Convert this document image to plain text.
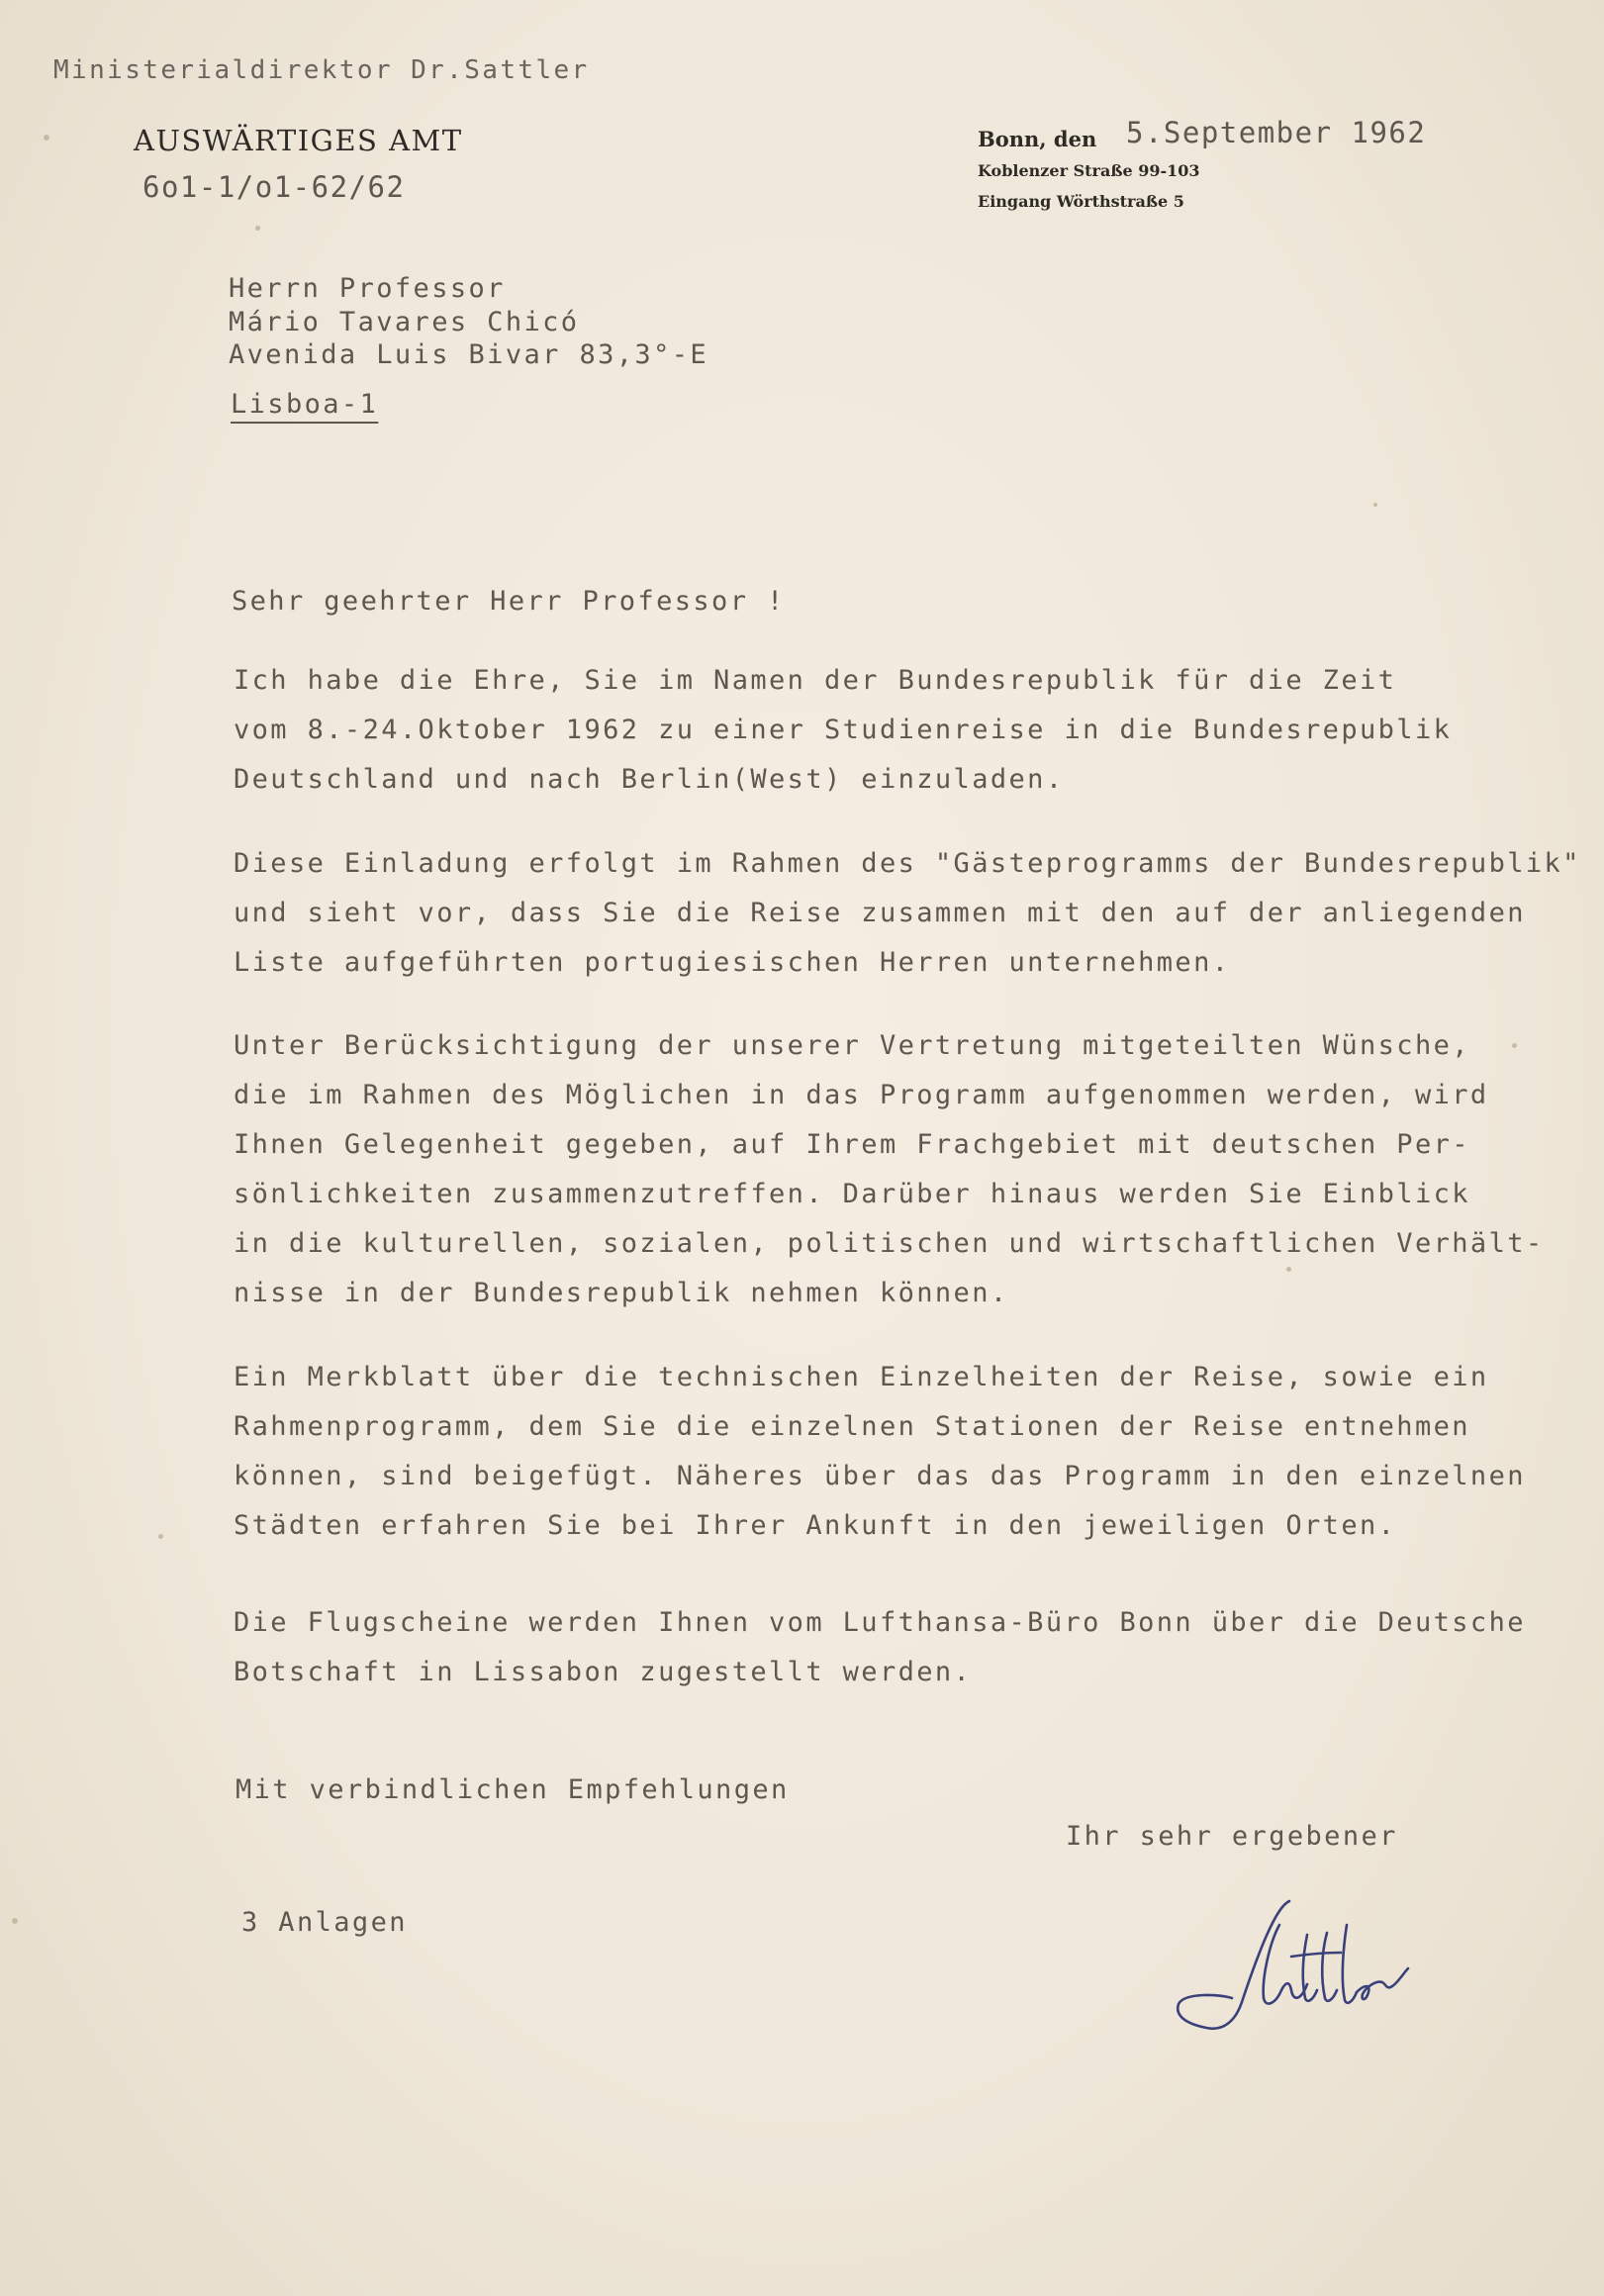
Ministerialdirektor Dr.Sattler
AUSWÄRTIGES AMT
6o1-1/o1-62/62
Bonn, den 5.September 1962
Koblenzer Straße 99-103
Eingang Wörthstraße 5
Herrn Professor
Mário Tavares Chicó
Avenida Luis Bivar 83,3°-E
Lisboa-1
Sehr geehrter Herr Professor !

Ich habe die Ehre, Sie im Namen der Bundesrepublik für die Zeit
vom 8.-24.Oktober 1962 zu einer Studienreise in die Bundesrepublik
Deutschland und nach Berlin(West) einzuladen.

Diese Einladung erfolgt im Rahmen des "Gästeprogramms der Bundesrepublik"
und sieht vor, dass Sie die Reise zusammen mit den auf der anliegenden
Liste aufgeführten portugiesischen Herren unternehmen.

Unter Berücksichtigung der unserer Vertretung mitgeteilten Wünsche,
die im Rahmen des Möglichen in das Programm aufgenommen werden, wird
Ihnen Gelegenheit gegeben, auf Ihrem Frachgebiet mit deutschen Per-
sönlichkeiten zusammenzutreffen. Darüber hinaus werden Sie Einblick
in die kulturellen, sozialen, politischen und wirtschaftlichen Verhält-
nisse in der Bundesrepublik nehmen können.

Ein Merkblatt über die technischen Einzelheiten der Reise, sowie ein
Rahmenprogramm, dem Sie die einzelnen Stationen der Reise entnehmen
können, sind beigefügt. Näheres über das das Programm in den einzelnen
Städten erfahren Sie bei Ihrer Ankunft in den jeweiligen Orten.

Die Flugscheine werden Ihnen vom Lufthansa-Büro Bonn über die Deutsche
Botschaft in Lissabon zugestellt werden.

Mit verbindlichen Empfehlungen
Ihr sehr ergebener
3 Anlagen
